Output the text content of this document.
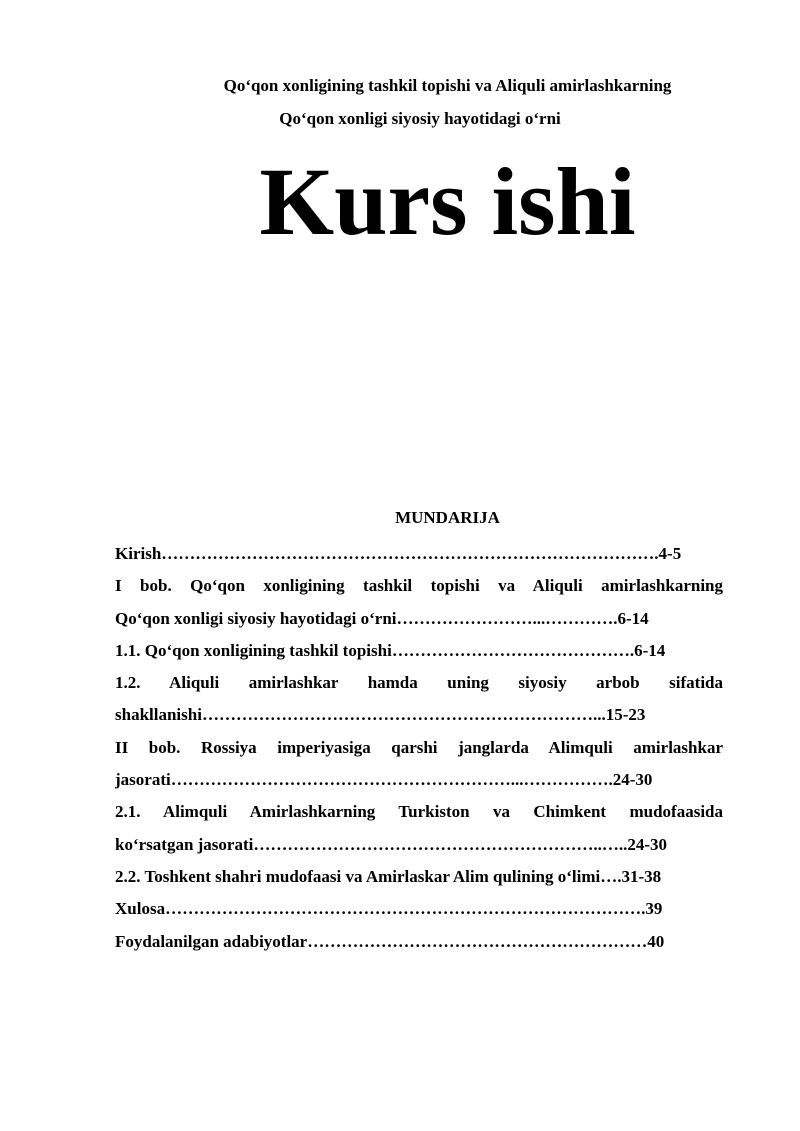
Qo‘qon xonligining tashkil topishi va Aliquli amirlashkarning
Qo‘qon xonligi siyosiy hayotidagi o‘rni
Kurs ishi
MUNDARIJA
Kirish…………………………………………………………………………….4-5
I bob. Qo‘qon xonligining tashkil topishi va Aliquli amirlashkarning
Qo‘qon xonligi siyosiy hayotidagi o‘rni……………………...………….6-14
1.1. Qo‘qon xonligining tashkil topishi…………………………………….6-14
1.2. Aliquli amirlashkar hamda uning siyosiy arbob sifatida
shakllanishi……………………………………………………………...15-23
II bob. Rossiya imperiyasiga qarshi janglarda Alimquli amirlashkar
jasorati……………………………………………………...…………….24-30
2.1. Alimquli Amirlashkarning Turkiston va Chimkent mudofaasida
ko‘rsatgan jasorati……………………………………………………..…..24-30
2.2. Toshkent shahri mudofaasi va Amirlaskar Alim qulining o‘limi….31-38
Xulosa………………………………………………………………………….39
Foydalanilgan adabiyotlar……………………………………………………40
